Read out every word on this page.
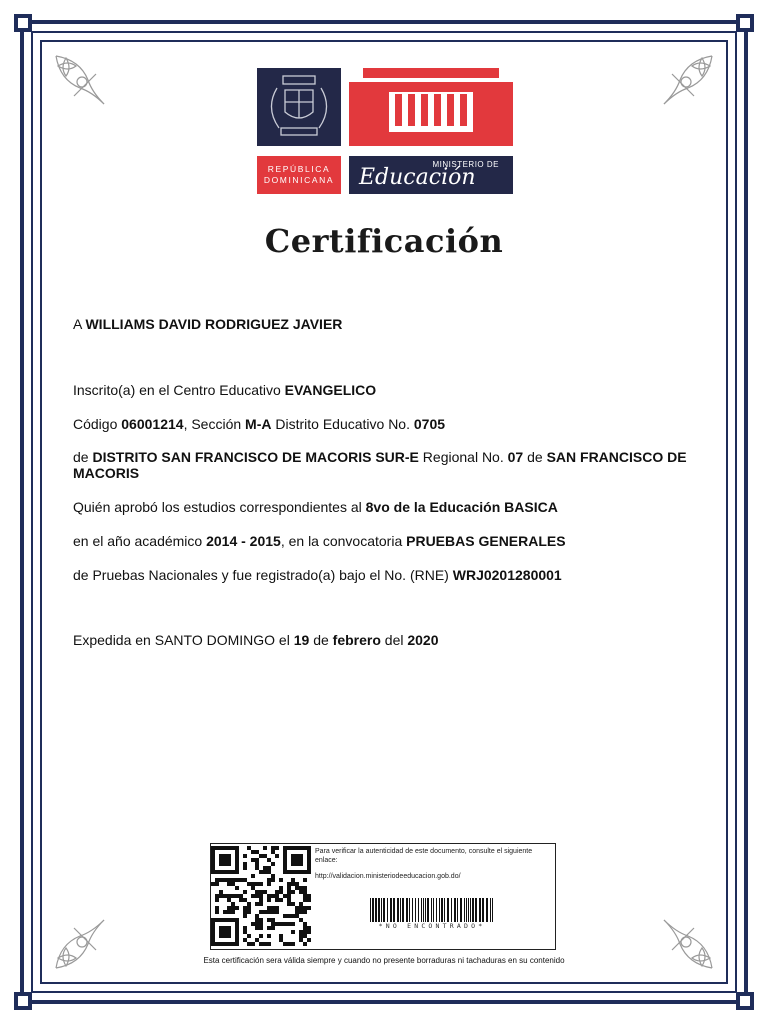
REPÚBLICA
DOMINICANA
MINISTERIO DE
Educación
Certificación
A WILLIAMS DAVID RODRIGUEZ JAVIER
Inscrito(a) en el Centro Educativo EVANGELICO
Código 06001214, Sección M-A Distrito Educativo No. 0705
de DISTRITO SAN FRANCISCO DE MACORIS SUR-E Regional No. 07 de SAN FRANCISCO DE MACORIS
Quién aprobó los estudios correspondientes al 8vo de la Educación BASICA
en el año académico 2014 - 2015, en la convocatoria PRUEBAS GENERALES
de Pruebas Nacionales y fue registrado(a) bajo el No. (RNE) WRJ0201280001
Expedida en SANTO DOMINGO el 19 de febrero del 2020
Para verificar la autenticidad de este documento, consulte el siguiente enlace:
http://validacion.ministeriodeeducacion.gob.do/
*NO ENCONTRADO*
Esta certificación sera válida siempre y cuando no presente borraduras ni tachaduras en su contenido
